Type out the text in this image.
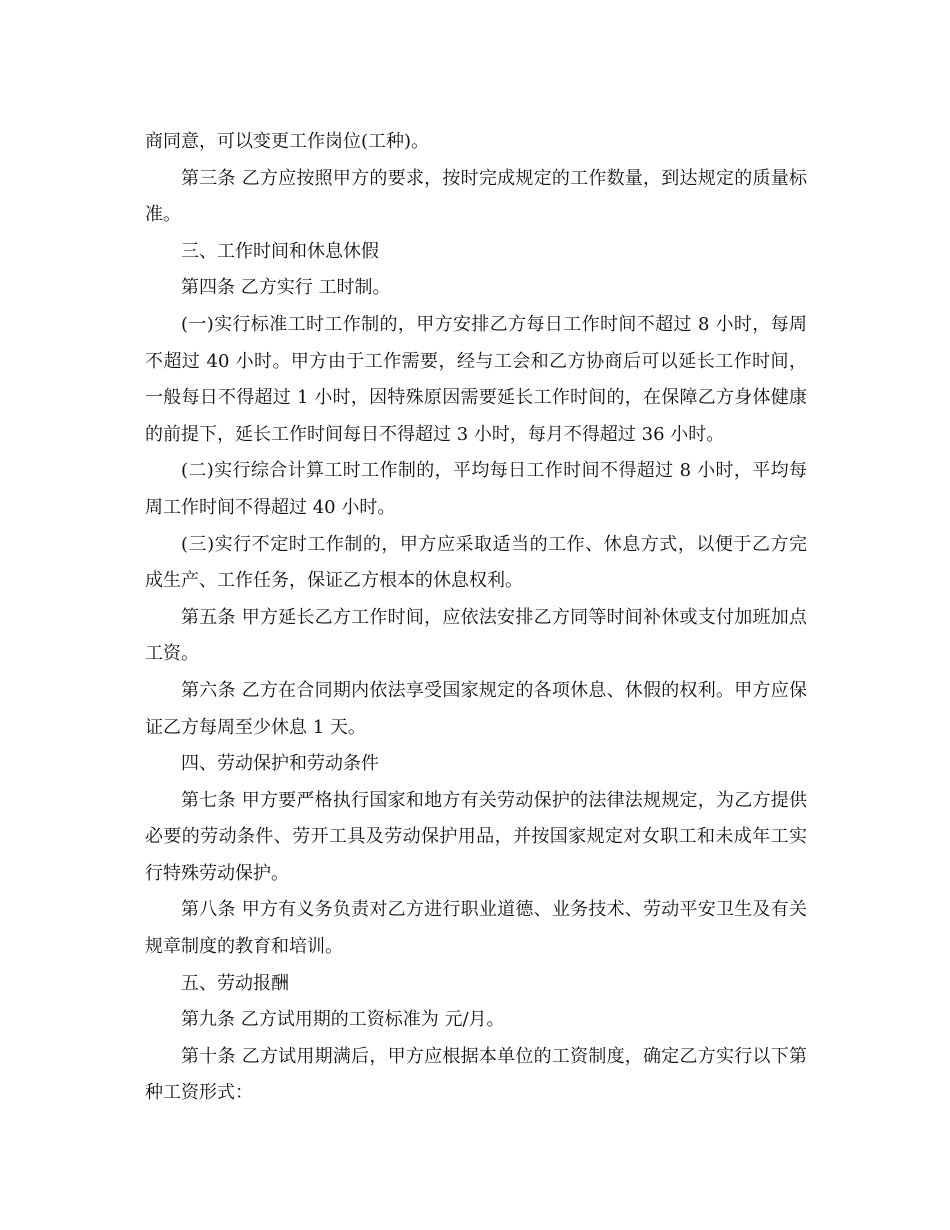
商同意，可以变更工作岗位(工种)。

第三条 乙方应按照甲方的要求，按时完成规定的工作数量，到达规定的质量标准。

三、工作时间和休息休假

第四条 乙方实行 工时制。

(一)实行标准工时工作制的，甲方安排乙方每日工作时间不超过 8 小时，每周不超过 40 小时。甲方由于工作需要，经与工会和乙方协商后可以延长工作时间，一般每日不得超过 1 小时，因特殊原因需要延长工作时间的，在保障乙方身体健康的前提下，延长工作时间每日不得超过 3 小时，每月不得超过 36 小时。

(二)实行综合计算工时工作制的，平均每日工作时间不得超过 8 小时，平均每周工作时间不得超过 40 小时。

(三)实行不定时工作制的，甲方应采取适当的工作、休息方式，以便于乙方完成生产、工作任务，保证乙方根本的休息权利。

第五条 甲方延长乙方工作时间，应依法安排乙方同等时间补休或支付加班加点工资。

第六条 乙方在合同期内依法享受国家规定的各项休息、休假的权利。甲方应保证乙方每周至少休息 1 天。

四、劳动保护和劳动条件

第七条 甲方要严格执行国家和地方有关劳动保护的法律法规规定，为乙方提供必要的劳动条件、劳开工具及劳动保护用品，并按国家规定对女职工和未成年工实行特殊劳动保护。

第八条 甲方有义务负责对乙方进行职业道德、业务技术、劳动平安卫生及有关规章制度的教育和培训。

五、劳动报酬

第九条 乙方试用期的工资标准为 元/月。

第十条 乙方试用期满后，甲方应根据本单位的工资制度，确定乙方实行以下第 种工资形式：
